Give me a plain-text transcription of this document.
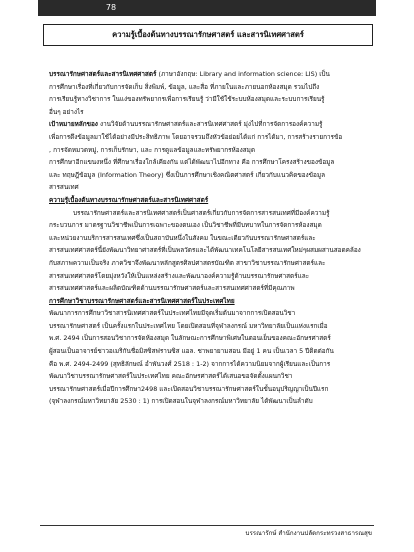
78
ความรู้เบื้องต้นทางบรรณารักษศาสตร์ และสารนิเทศศาสตร์

บรรณารักษศาสตร์และสารนิเทศศาสตร์ (ภาษาอังกฤษ: Library and information science: LIS) เป็น

การศึกษาเรื่องที่เกี่ยวกับการจัดเก็บ สิ่งพิมพ์, ข้อมูล, และสื่อ ที่ภายในและภายนอกห้องสมุด รวมไปถึง

การเรียนรู้ทางวิชาการ ในแง่ของทรัพยากรเพื่อการเรียนรู้ ว่ามีใช้ใช้ระบบห้องสมุดและระบบการเรียนรู้

อื่นๆ อย่างไร

เป้าหมายหลักของ งานวิจัยด้านบรรณารักษศาสตร์และสารนิเทศศาสตร์ มุ่งไปที่การจัดการองค์ความรู้

เพื่อการดึงข้อมูลมาใช้ได้อย่างมีประสิทธิภาพ โดยอาจรวมถึงหัวข้อย่อยได้แก่ การได้มา, การสร้างรายการข้อ

, การจัดหมวดหมู่, การเก็บรักษา, และ การดูแลข้อมูลและทรัพยากรห้องสมุด

การศึกษาอีกแขนงหนึ่ง ที่ศึกษาเรื่องใกล้เคียงกัน แต่ได้พัฒนาไปอีกทาง คือ การศึกษาโครงสร้างของข้อมูล

และ ทฤษฎีข้อมูล (Information Theory) ซึ่งเป็นการศึกษาเชิงคณิตศาสตร์ เกี่ยวกับแนวคิดของข้อมูล

สารสนเทศ

ความรู้เบื้องต้นทางบรรณารักษศาสตร์และสารนิเทศศาสตร์

บรรณารักษศาสตร์และสารนิเทศศาสตร์เป็นศาสตร์เกี่ยวกับการจัดการสารสนเทศที่มีองค์ความรู้

กระบวนการ มาตรฐานวิชาชีพเป็นการเฉพาะของตนเอง เป็นวิชาชีพที่มีบทบาทในการจัดการห้องสมุด

และหน่วยงานบริการสารสนเทศซึ่งเป็นสถาบันหนึ่งในสังคม ในขณะเดียวกันบรรณารักษศาสตร์และ

สารสนเทศศาสตร์นี้ยังพัฒนาวิทยาศาสตร์ที่เป็นพลวัตรและได้พัฒนาเทคโนโลยีสารสนเทศใหม่ๆผสมผสานสอดคล้อง

กับสภาพความเป็นจริง ภาควิชาจึงพัฒนาหลักสูตรศิลปศาสตรบัณฑิต สาขาวิชาบรรณารักษศาสตร์และ

สารสนเทศศาสตร์โดยมุ่งหวังให้เป็นแหล่งสร้างและพัฒนาองค์ความรู้ด้านบรรณารักษศาสตร์และ

สารสนเทศศาสตร์และผลิตบัณฑิตด้านบรรณารักษศาสตร์และสารสนเทศศาสตร์ที่มีคุณภาพ

การศึกษาวิชาบรรณารักษศาสตร์และสารนิเทศศาสตร์ในประเทศไทย

พัฒนาการการศึกษาวิชาสารนิเทศศาสตร์ในประเทศไทยมีจุดเริ่มต้นมาจากการเปิดสอนวิชา

บรรณารักษศาสตร์ เป็นครั้งแรกในประเทศไทย โดยเปิดสอนที่จุฬาลงกรณ์ มหาวิทยาลัยเป็นแห่งแรกเมื่อ

พ.ศ. 2494 เป็นการสอนวิชาการจัดห้องสมุด ในลักษณะการศึกษาพิเศษในตอนเย็นของคณะอักษรศาสตร์

ผู้สอนเป็นอาจารย์ชาวอเมริกันชื่อมิสซิสฟรานซิส แอล. ชาพยายามสอน มีอยู่ 1 คน เป็นเวลา 5 ปีติดต่อกัน

คือ พ.ศ. 2494-2499 (สุทธิลักษณ์ อำพันวงศ์ 2518 : 1-2) จากการได้ความนิยมจากผู้เรียนและเป็นการ

พัฒนาวิชาบรรณารักษศาสตร์ในประเทศไทย คณะอักษรศาสตร์ได้เสนอขอจัดตั้งแผนกวิชา

บรรณารักษศาสตร์เมื่อปีการศึกษา2498 และเปิดสอนวิชาบรรณารักษศาสตร์ในขั้นอนุปริญญาเป็นปีแรก

(จุฬาลงกรณ์มหาวิทยาลัย 2530 : 1) การเปิดสอนในจุฬาลงกรณ์มหาวิทยาลัย ได้พัฒนาเป็นลำดับ

บรรณารักษ์ สำนักงานปลัดกระทรวงสาธารณสุข
